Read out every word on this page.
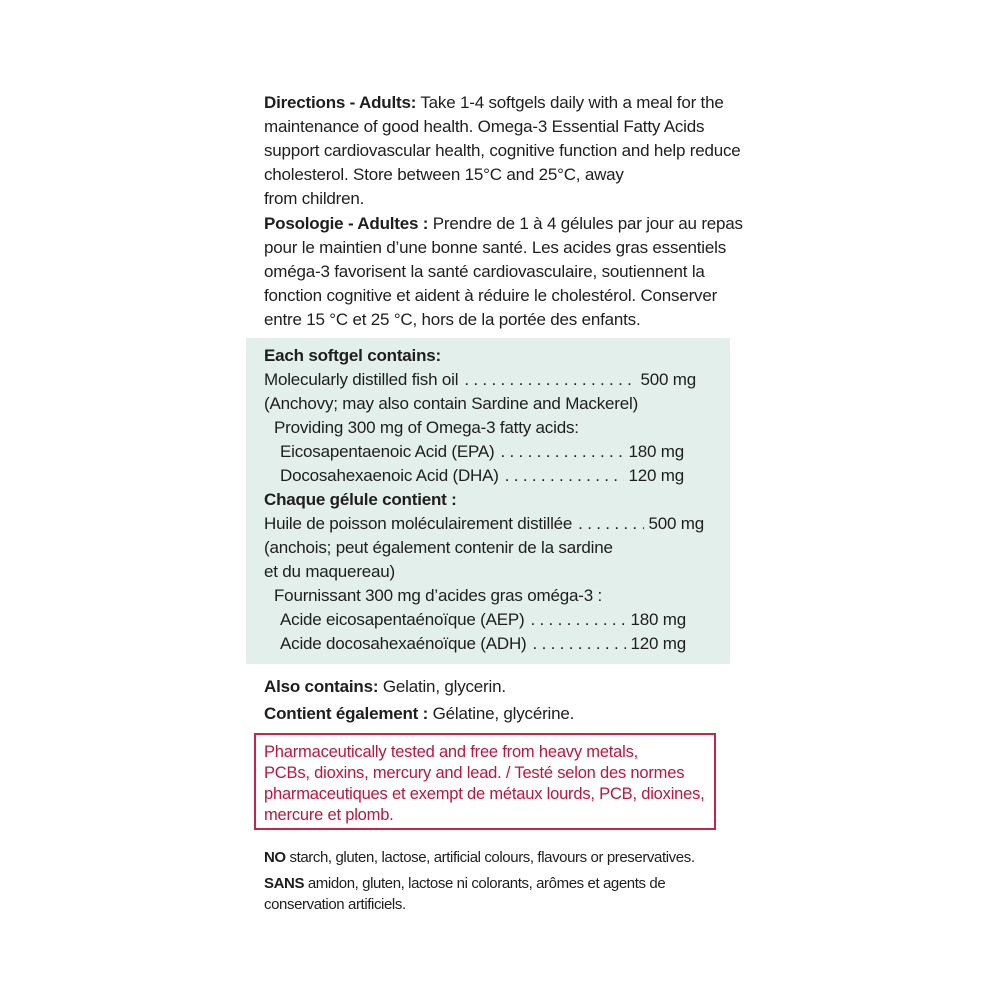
Directions - Adults: Take 1-4 softgels daily with a meal for the
maintenance of good health. Omega-3 Essential Fatty Acids
support cardiovascular health, cognitive function and help reduce
cholesterol. Store between 15°C and 25°C, away
from children.
Posologie - Adultes : Prendre de 1 à 4 gélules par jour au repas
pour le maintien d’une bonne santé. Les acides gras essentiels
oméga-3 favorisent la santé cardiovasculaire, soutiennent la
fonction cognitive et aident à réduire le cholestérol. Conserver
entre 15 °C et 25 °C, hors de la portée des enfants.
Each softgel contains:
Molecularly distilled fish oil . . .	500 mg
(Anchovy; may also contain Sardine and Mackerel)
Providing 300 mg of Omega-3 fatty acids:
Eicosapentaenoic Acid (EPA) . . .	180 mg
Docosahexaenoic Acid (DHA) . . .	120 mg
Chaque gélule contient :
Huile de poisson moléculairement distillée . . .	500 mg
(anchois; peut également contenir de la sardine
et du maquereau)
Fournissant 300 mg d’acides gras oméga-3 :
Acide eicosapentaénoïque (AEP) . . .	180 mg
Acide docosahexaénoïque (ADH) . . .	120 mg
Also contains: Gelatin, glycerin.
Contient également : Gélatine, glycérine.
Pharmaceutically tested and free from heavy metals,
PCBs, dioxins, mercury and lead. / Testé selon des normes
pharmaceutiques et exempt de métaux lourds, PCB, dioxines,
mercure et plomb.
NO starch, gluten, lactose, artificial colours, flavours or preservatives.
SANS amidon, gluten, lactose ni colorants, arômes et agents de
conservation artificiels.
